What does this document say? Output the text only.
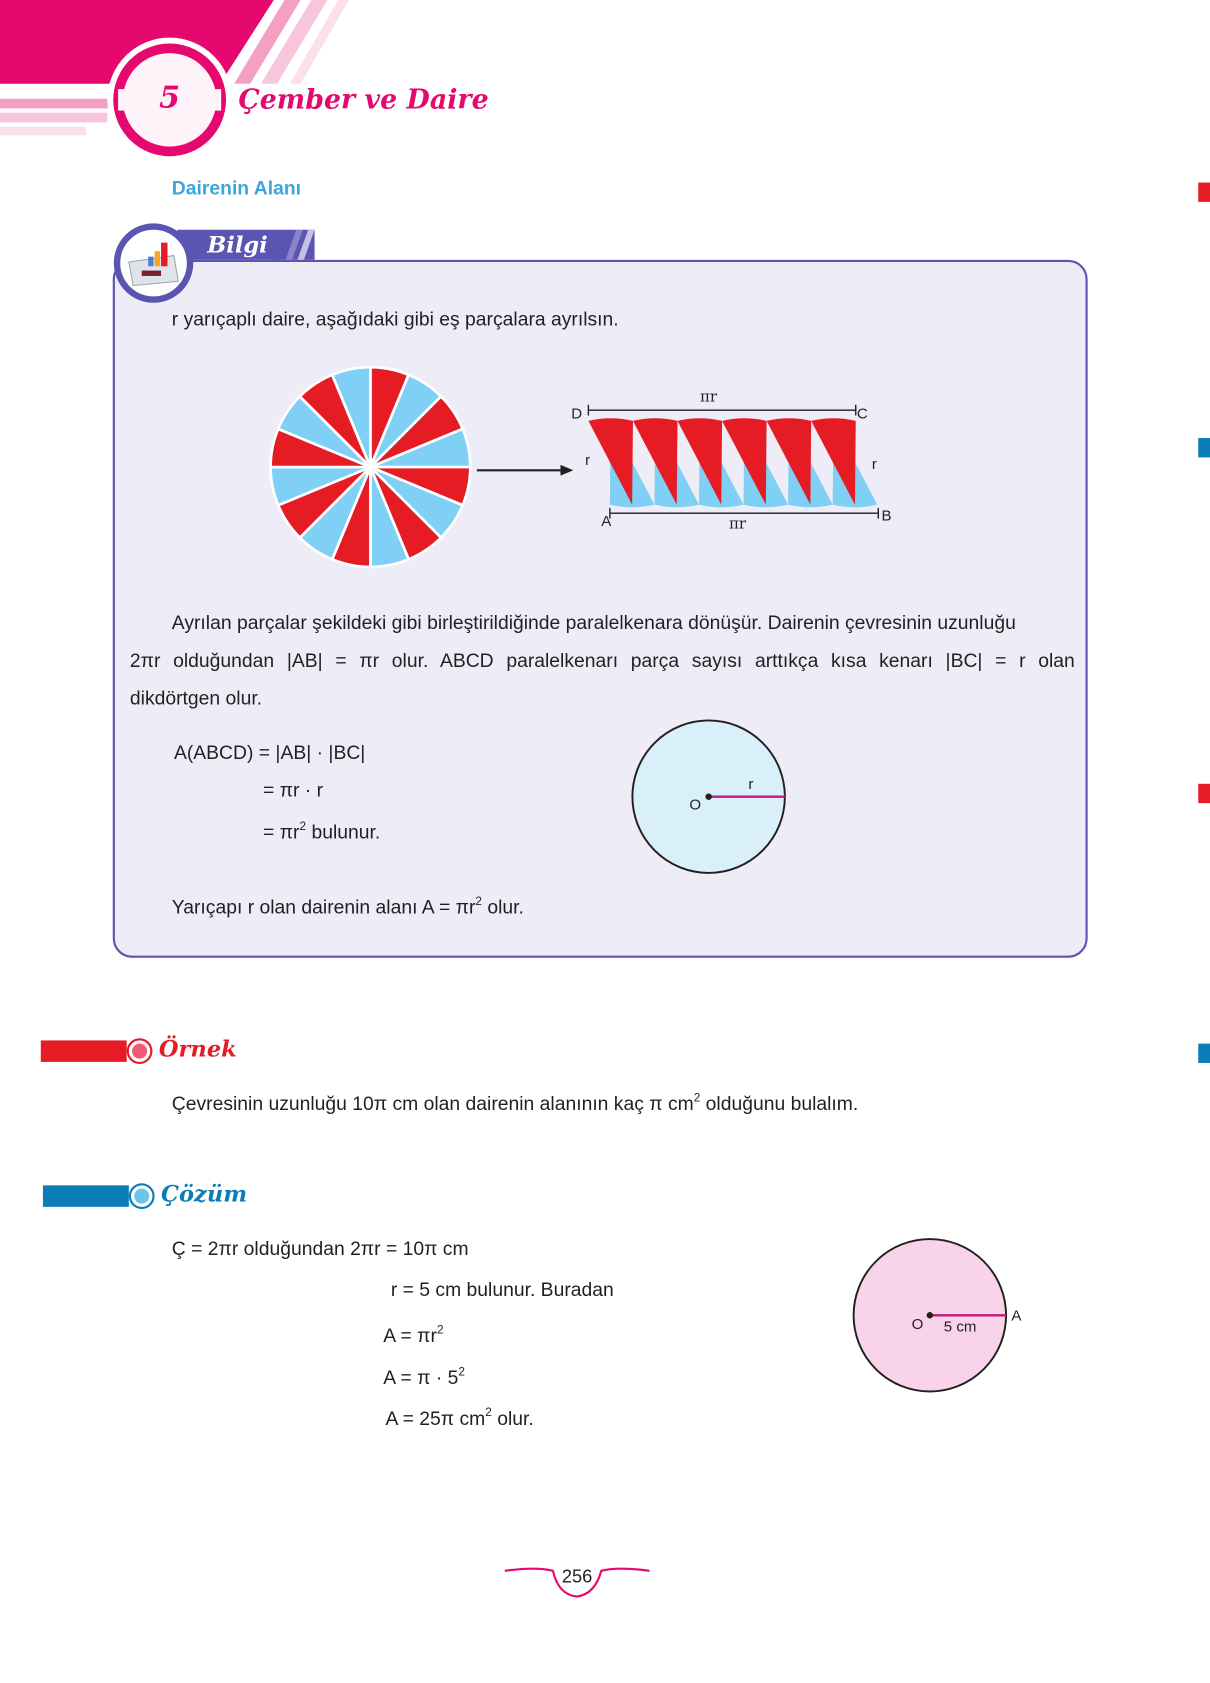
5	Çember ve Daire
Dairenin Alanı
Bilgi
r yarıçaplı daire, aşağıdaki gibi eş parçalara ayrılsın.
D	C
A	B
πr
πr
r	r
Ayrılan parçalar şekildeki gibi birleştirildiğinde paralelkenara dönüşür. Dairenin çevresinin uzunluğu
2πr olduğundan |AB| = πr olur. ABCD paralelkenarı parça sayısı arttıkça kısa kenarı |BC| = r olan
dikdörtgen olur.
A(ABCD) = |AB| · |BC|
= πr · r
= $\pi r^2$ bulunur.
O
r
Yarıçapı r olan dairenin alanı $A = \pi r^2$ olur.
Örnek
Çevresinin uzunluğu 10π cm olan dairenin alanının kaç π $cm^2$ olduğunu bulalım.
Çözüm
Ç = 2πr olduğundan 2πr = 10π cm
r = 5 cm bulunur. Buradan
$A = \pi r^2$
$A = \pi \cdot 5^2$
A = 25π $cm^2$ olur.
O 5 cm
A
256
